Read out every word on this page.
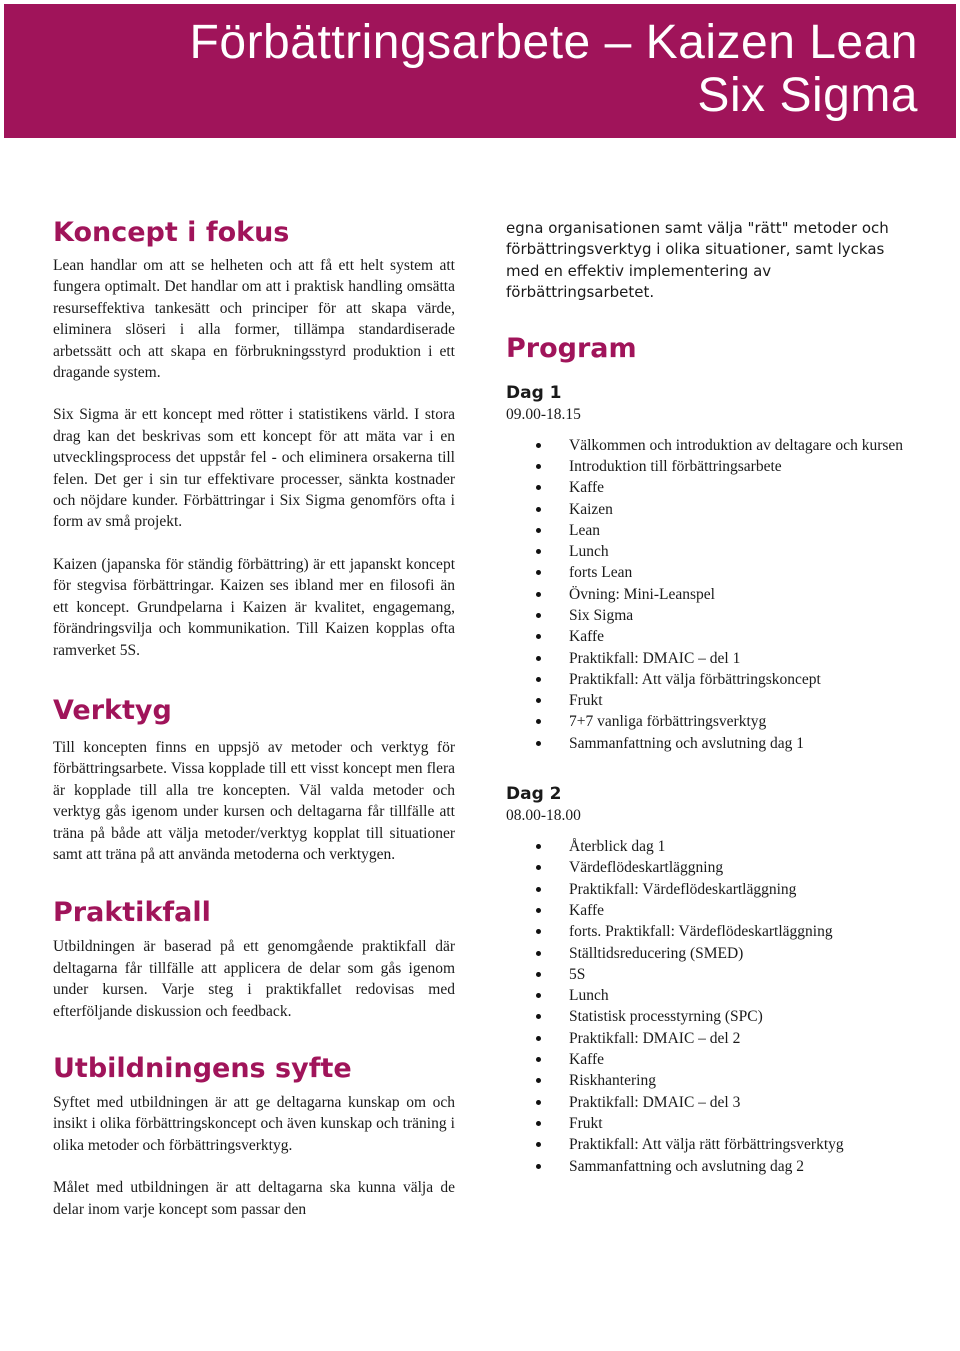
Förbättringsarbete – Kaizen Lean
Six Sigma
Koncept i fokus

Lean handlar om att se helheten och att få ett helt system att fungera optimalt. Det handlar om att i praktisk handling omsätta resurseffektiva tankesätt och principer för att skapa värde, eliminera slöseri i alla former, tillämpa standardiserade arbetssätt och att skapa en förbrukningsstyrd produktion i ett dragande system.

Six Sigma är ett koncept med rötter i statistikens värld. I stora drag kan det beskrivas som ett koncept för att mäta var i en utvecklingsprocess det uppstår fel - och eliminera orsakerna till felen. Det ger i sin tur effektivare processer, sänkta kostnader och nöjdare kunder. Förbättringar i Six Sigma genomförs ofta i form av små projekt.

Kaizen (japanska för ständig förbättring) är ett japanskt koncept för stegvisa förbättringar. Kaizen ses ibland mer en filosofi än ett koncept. Grundpelarna i Kaizen är kvalitet, engagemang, förändringsvilja och kommunikation. Till Kaizen kopplas ofta ramverket 5S.

Verktyg

Till koncepten finns en uppsjö av metoder och verktyg för förbättringsarbete. Vissa kopplade till ett visst koncept men flera är kopplade till alla tre koncepten. Väl valda metoder och verktyg gås igenom under kursen och deltagarna får tillfälle att träna på både att välja metoder/verktyg kopplat till situationer samt att träna på att använda metoderna och verktygen.

Praktikfall

Utbildningen är baserad på ett genomgående praktikfall där deltagarna får tillfälle att applicera de delar som gås igenom under kursen. Varje steg i praktikfallet redovisas med efterföljande diskussion och feedback.

Utbildningens syfte

Syftet med utbildningen är att ge deltagarna kunskap om och insikt i olika förbättringskoncept och även kunskap och träning i olika metoder och förbättringsverktyg.

Målet med utbildningen är att deltagarna ska kunna välja de delar inom varje koncept som passar den

egna organisationen samt välja "rätt" metoder och förbättringsverktyg i olika situationer, samt lyckas med en effektiv implementering av förbättringsarbetet.

Program

Dag 1

09.00-18.15

Välkommen och introduktion av deltagare och kursen
Introduktion till förbättringsarbete
Kaffe
Kaizen
Lean
Lunch
forts Lean
Övning: Mini-Leanspel
Six Sigma
Kaffe
Praktikfall: DMAIC – del 1
Praktikfall: Att välja förbättringskoncept
Frukt
7+7 vanliga förbättringsverktyg
Sammanfattning och avslutning dag 1

Dag 2

08.00-18.00

Återblick dag 1
Värdeflödeskartläggning
Praktikfall: Värdeflödeskartläggning
Kaffe
forts. Praktikfall: Värdeflödeskartläggning
Ställtidsreducering (SMED)
5S
Lunch
Statistisk processtyrning (SPC)
Praktikfall: DMAIC – del 2
Kaffe
Riskhantering
Praktikfall: DMAIC – del 3
Frukt
Praktikfall: Att välja rätt förbättringsverktyg
Sammanfattning och avslutning dag 2
